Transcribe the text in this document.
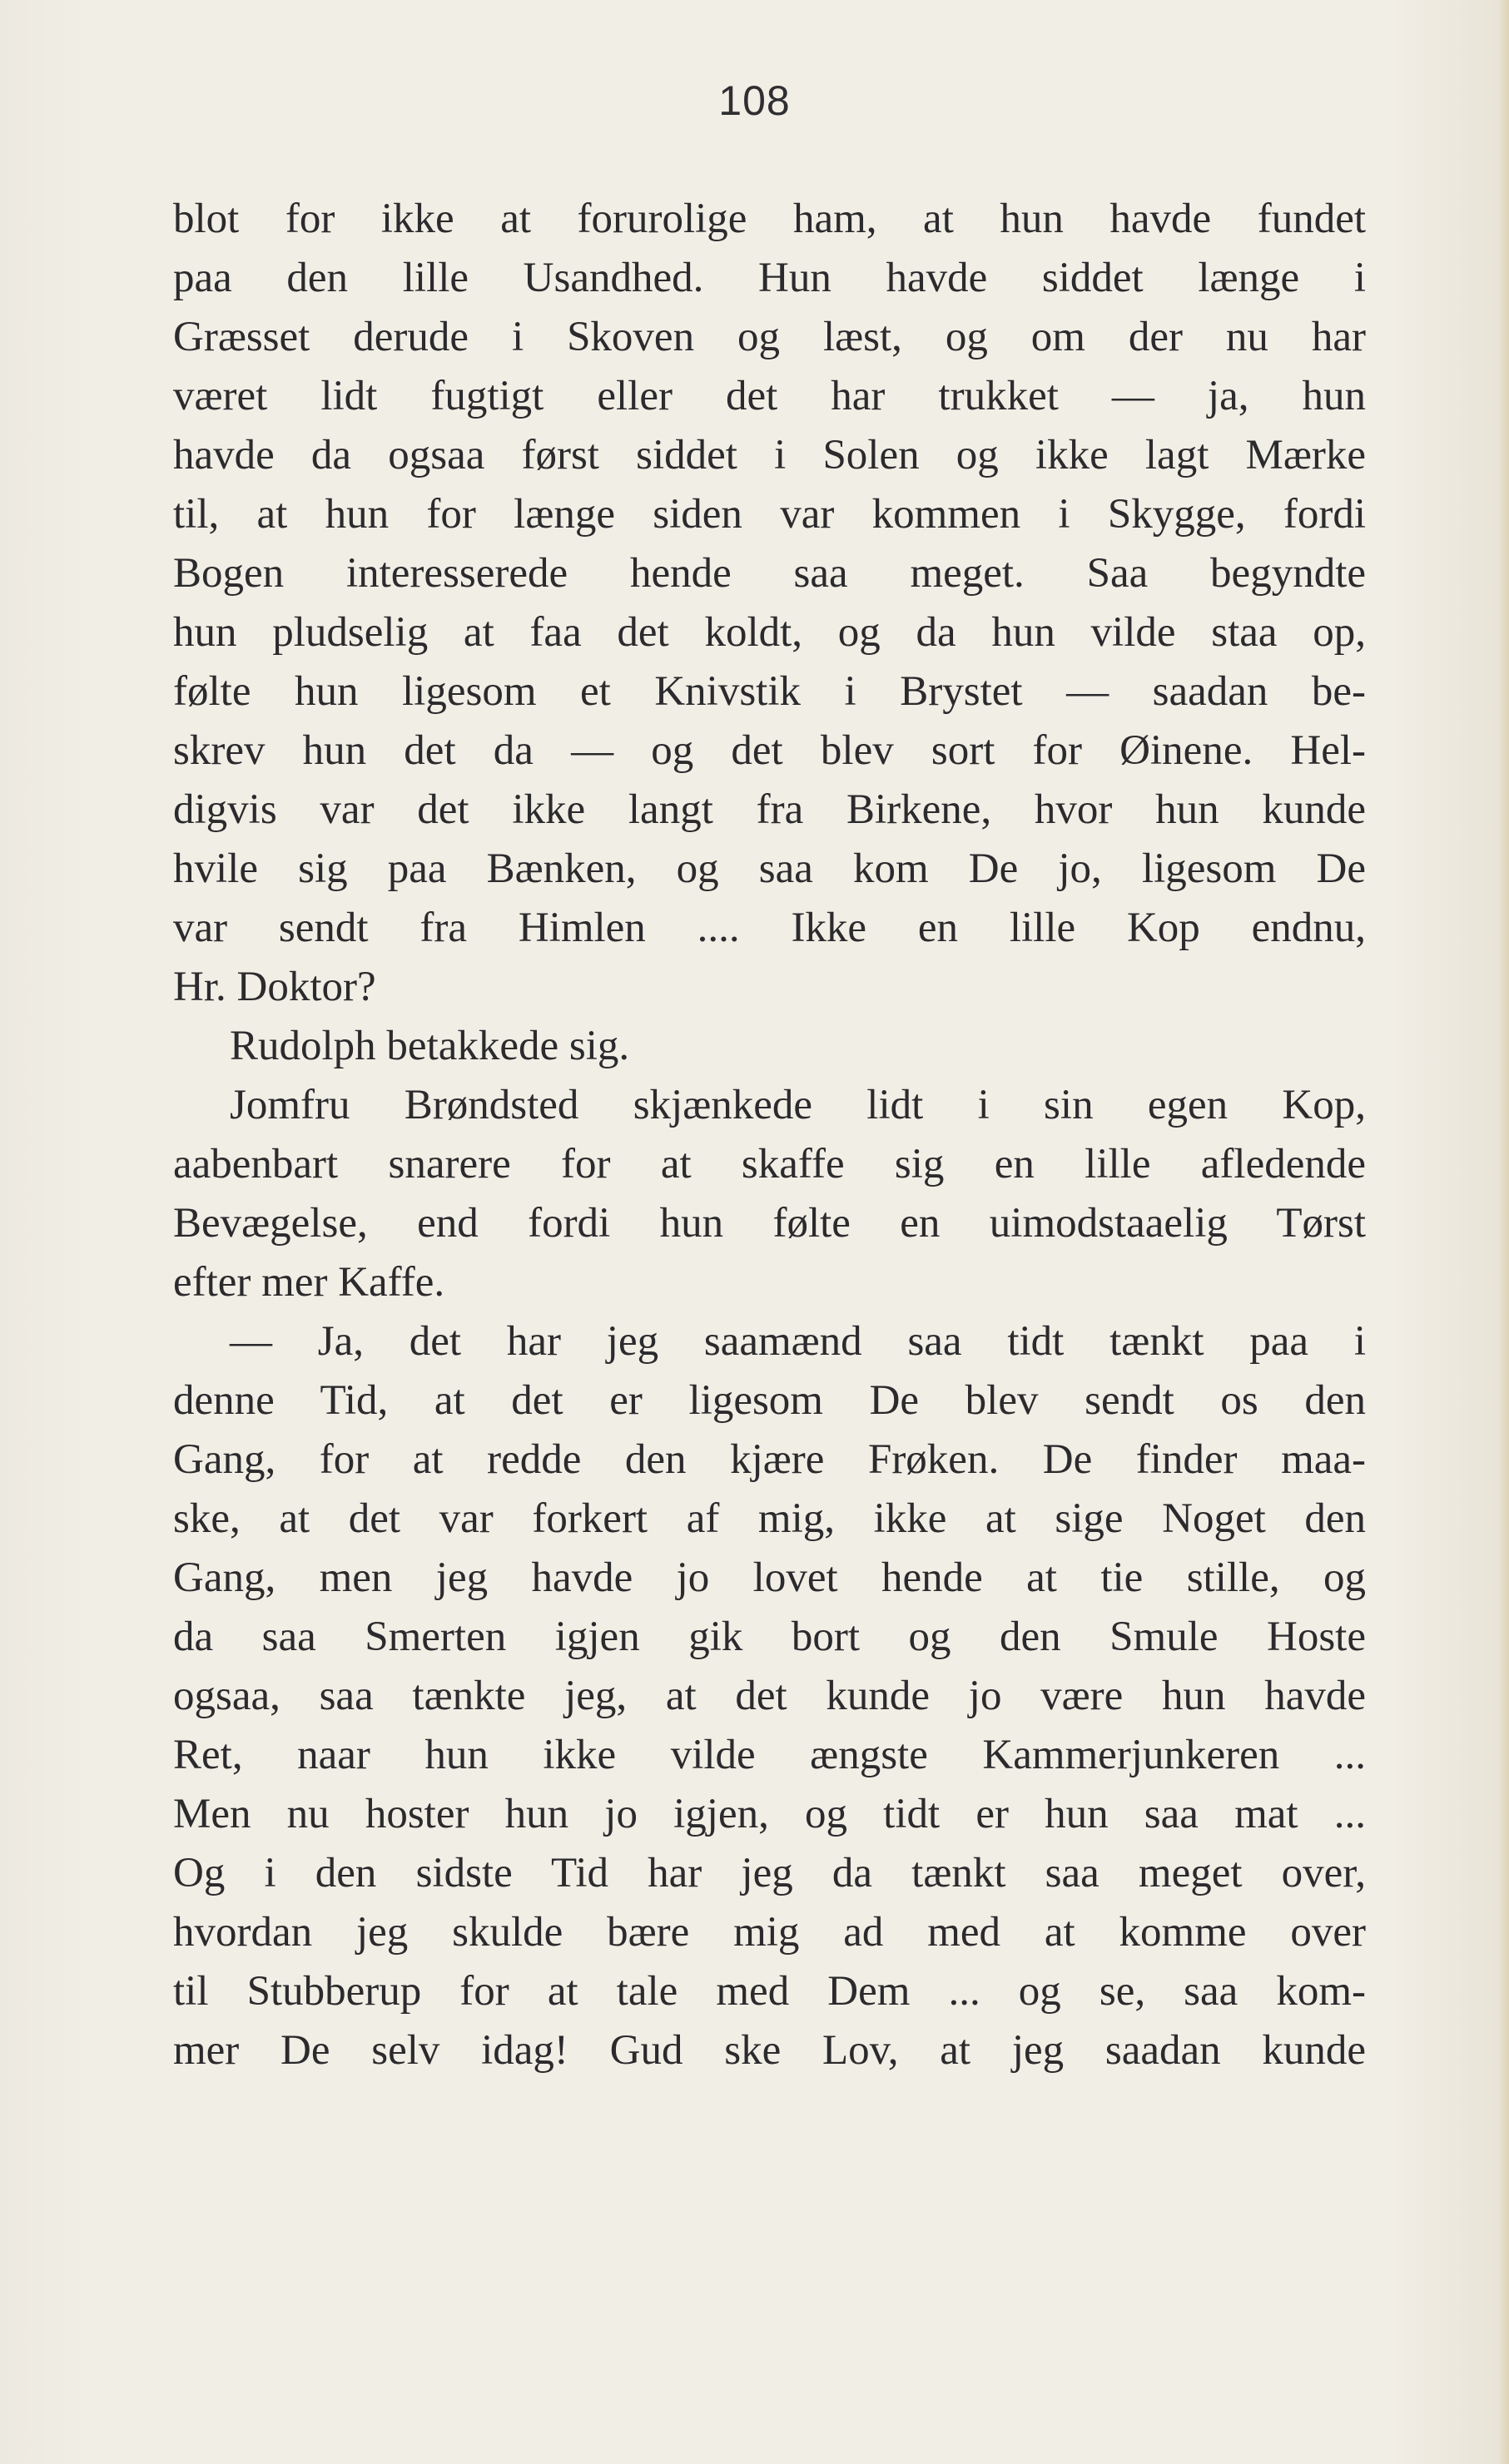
108
blot for ikke at forurolige ham, at hun havde fundet
paa den lille Usandhed. Hun havde siddet længe i
Græsset derude i Skoven og læst, og om der nu har
været lidt fugtigt eller det har trukket — ja, hun
havde da ogsaa først siddet i Solen og ikke lagt Mærke
til, at hun for længe siden var kommen i Skygge, fordi
Bogen interesserede hende saa meget. Saa begyndte
hun pludselig at faa det koldt, og da hun vilde staa op,
følte hun ligesom et Knivstik i Brystet — saadan be-
skrev hun det da — og det blev sort for Øinene. Hel-
digvis var det ikke langt fra Birkene, hvor hun kunde
hvile sig paa Bænken, og saa kom De jo, ligesom De
var sendt fra Himlen .... Ikke en lille Kop endnu,
Hr. Doktor?
Rudolph betakkede sig.
Jomfru Brøndsted skjænkede lidt i sin egen Kop,
aabenbart snarere for at skaffe sig en lille afledende
Bevægelse, end fordi hun følte en uimodstaaelig Tørst
efter mer Kaffe.
— Ja, det har jeg saamænd saa tidt tænkt paa i
denne Tid, at det er ligesom De blev sendt os den
Gang, for at redde den kjære Frøken. De finder maa-
ske, at det var forkert af mig, ikke at sige Noget den
Gang, men jeg havde jo lovet hende at tie stille, og
da saa Smerten igjen gik bort og den Smule Hoste
ogsaa, saa tænkte jeg, at det kunde jo være hun havde
Ret, naar hun ikke vilde ængste Kammerjunkeren ...
Men nu hoster hun jo igjen, og tidt er hun saa mat ...
Og i den sidste Tid har jeg da tænkt saa meget over,
hvordan jeg skulde bære mig ad med at komme over
til Stubberup for at tale med Dem ... og se, saa kom-
mer De selv idag! Gud ske Lov, at jeg saadan kunde
